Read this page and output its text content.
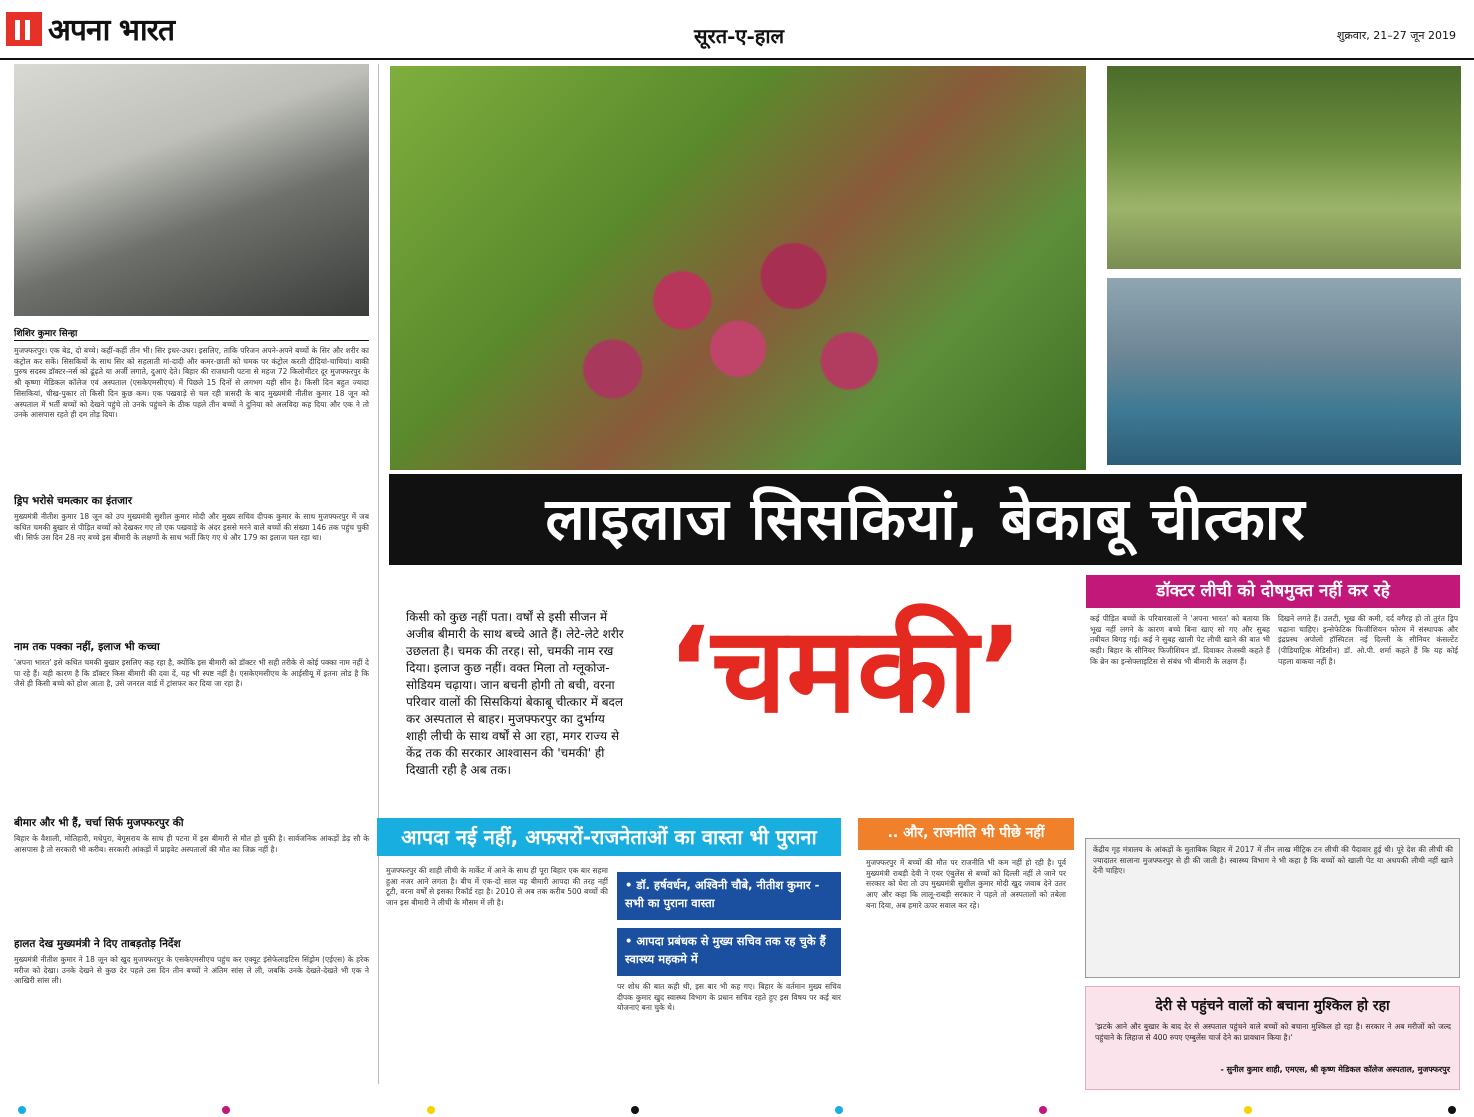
अपना भारत	सूरत-ए-हाल	शुक्रवार, 21–27 जून 2019
शिशिर कुमार सिन्हा

मुजफ्फरपुर। एक बेड, दो बच्चे। कहीं-कहीं तीन भी। सिर इधर-उधर। इसलिए, ताकि परिजन अपने-अपने बच्चों के सिर और शरीर का कंट्रोल कर सकें। सिसकियों के साथ सिर को सहलाती मां-दादी और कमर-छाती को चमक पर कंट्रोल करती दीदियां-चाचियां। बाकी पुरुष सदस्य डॉक्टर-नर्स को ढूंढ़ते या अर्जी लगाते, दुआएं देते। बिहार की राजधानी पटना से महज 72 किलोमीटर दूर मुजफ्फरपुर के श्री कृष्णा मेडिकल कॉलेज एवं अस्पताल (एसकेएमसीएच) में पिछले 15 दिनों से लगभग यही सीन है। किसी दिन बहुत ज्यादा सिसकियां, चीख-पुकार तो किसी दिन कुछ कम। एक पखवाड़े से चल रही त्रासदी के बाद मुख्यमंत्री नीतीश कुमार 18 जून को अस्पताल में भर्ती बच्चों को देखने पहुंचे तो उनके पहुंचने के ठीक पहले तीन बच्चों ने दुनिया को अलविदा कह दिया और एक ने तो उनके आसपास रहते ही दम तोड़ दिया।

ड्रिप भरोसे चमत्कार का इंतजार

मुख्यमंत्री नीतीश कुमार 18 जून को उप मुख्यमंत्री सुशील कुमार मोदी और मुख्य सचिव दीपक कुमार के साथ मुजफ्फरपुर में जब कथित चमकी बुखार से पीड़ित बच्चों को देखकर गए तो एक पखवाड़े के अंदर इससे मरने वाले बच्चों की संख्या 146 तक पहुंच चुकी थी। सिर्फ उस दिन 28 नए बच्चे इस बीमारी के लक्षणों के साथ भर्ती किए गए थे और 179 का इलाज चल रहा था।

नाम तक पक्का नहीं, इलाज भी कच्चा

'अपना भारत' इसे कथित चमकी बुखार इसलिए कह रहा है, क्योंकि इस बीमारी को डॉक्टर भी सही तरीके से कोई पक्का नाम नहीं दे पा रहे हैं। यही कारण है कि डॉक्टर किस बीमारी की दवा दें, यह भी स्पष्ट नहीं है। एसकेएमसीएच के आईसीयू में इतना लोड है कि जैसे ही किसी बच्चे को होश आता है, उसे जनरल वार्ड में ट्रांसफर कर दिया जा रहा है।

बीमार और भी हैं, चर्चा सिर्फ मुजफ्फरपुर की

बिहार के वैशाली, मोतिहारी, मधेपुरा, बेगूसराय के साथ ही पटना में इस बीमारी से मौत हो चुकी है। सार्वजनिक आंकड़ों डेढ़ सौ के आसपास है तो सरकारी भी करीब। सरकारी आंकड़ों में प्राइवेट अस्पतालों की मौत का जिक्र नहीं है।

हालत देख मुख्यमंत्री ने दिए ताबड़तोड़ निर्देश

मुख्यमंत्री नीतीश कुमार ने 18 जून को खुद मुजफ्फरपुर के एसकेएमसीएच पहुंच कर एक्यूट इंसेफेलाइटिस सिंड्रोम (एईएस) के हरेक मरीज को देखा। उनके देखने से कुछ देर पहले उस दिन तीन बच्चों ने अंतिम सांस ले ली, जबकि उनके देखते-देखते भी एक ने आखिरी सांस ली।

लाइलाज सिसकियां, बेकाबू चीत्कार
किसी को कुछ नहीं पता। वर्षों से इसी सीजन में अजीब बीमारी के साथ बच्चे आते हैं। लेटे-लेटे शरीर उछलता है। चमक की तरह। सो, चमकी नाम रख दिया। इलाज कुछ नहीं। वक्त मिला तो ग्लूकोज-सोडियम चढ़ाया। जान बचनी होगी तो बची, वरना परिवार वालों की सिसकियां बेकाबू चीत्कार में बदल कर अस्पताल से बाहर। मुजफ्फरपुर का दुर्भाग्य शाही लीची के साथ वर्षों से आ रहा, मगर राज्य से केंद्र तक की सरकार आश्वासन की 'चमकी' ही दिखाती रही है अब तक।
‘चमकी’
डॉक्टर लीची को दोषमुक्त नहीं कर रहे
कई पीड़ित बच्चों के परिवारवालों ने 'अपना भारत' को बताया कि भूख नहीं लगने के कारण बच्चे बिना खाए सो गए और सुबह तबीयत बिगड़ गई। कई ने सुबह खाली पेट लीची खाने की बात भी कही। बिहार के सीनियर फिजीशियन डॉ. दिवाकर तेजस्वी कहते हैं कि ब्रेन का इन्सेफ्लाइटिस से संबंध भी बीमारी के लक्षण हैं।
दिखने लगते हैं। उलटी, भूख की कमी, दर्द वगैरह हो तो तुरंत ड्रिप चढ़ाना चाहिए। इन्सेफेटिक फिजीशियन फोरम में संस्थापक और इंद्रप्रस्थ अपोलो हॉस्पिटल नई दिल्ली के सीनियर कंसल्टेंट (पीडियाट्रिक मेडिसीन) डॉ. ओ.पी. शर्मा कहते हैं कि यह कोई पहला वाकया नहीं है।
केंद्रीय गृह मंत्रालय के आंकड़ों के मुताबिक बिहार में 2017 में तीन लाख मीट्रिक टन लीची की पैदावार हुई थी। पूरे देश की लीची की ज्यादातर सालाना मुजफ्फरपुर से ही की जाती है। स्वास्थ्य विभाग ने भी कहा है कि बच्चों को खाली पेट या अधपकी लीची नहीं खाने देनी चाहिए।
देरी से पहुंचने वालों को बचाना मुश्किल हो रहा
'झटके आने और बुखार के बाद देर से अस्पताल पहुंचने वाले बच्चों को बचाना मुश्किल हो रहा है। सरकार ने अब मरीजों को जल्द पहुंचाने के लिहाज से 400 रुपए एम्बुलेंस चार्ज देने का प्रावधान किया है।'
- सुनील कुमार शाही, एमएस, श्री कृष्ण मेडिकल कॉलेज अस्पताल, मुजफ्फरपुर
आपदा नई नहीं, अफसरों-राजनेताओं का वास्ता भी पुराना
मुजफ्फरपुर की शाही लीची के मार्केट में आने के साथ ही पूरा बिहार एक बार सहमा हुआ नजर आने लगता है। बीच में एक-दो साल यह बीमारी आपदा की तरह नहीं टूटी, वरना वर्षों से इसका रिकॉर्ड रहा है। 2010 से अब तक करीब 500 बच्चों की जान इस बीमारी ने लीची के मौसम में ली है।
• डॉ. हर्षवर्धन, अश्विनी चौबे, नीतीश कुमार - सभी का पुराना वास्ता
• आपदा प्रबंधक से मुख्य सचिव तक रह चुके हैं स्वास्थ्य महकमे में
पर शोध की बात कही थी, इस बार भी कह गए। बिहार के वर्तमान मुख्य सचिव दीपक कुमार खुद स्वास्थ्य विभाग के प्रधान सचिव रहते हुए इस विषय पर कई बार योजनाएं बना चुके थे।
.. और, राजनीति भी पीछे नहीं
मुजफ्फरपुर में बच्चों की मौत पर राजनीति भी कम नहीं हो रही है। पूर्व मुख्यमंत्री राबड़ी देवी ने एयर एंबुलेंस से बच्चों को दिल्ली नहीं ले जाने पर सरकार को घेरा तो उप मुख्यमंत्री सुशील कुमार मोदी खुद जवाब देने उतर आए और कहा कि लालू-राबड़ी सरकार ने पहले तो अस्पतालों को तबेला बना दिया, अब हमारे ऊपर सवाल कर रहे।
